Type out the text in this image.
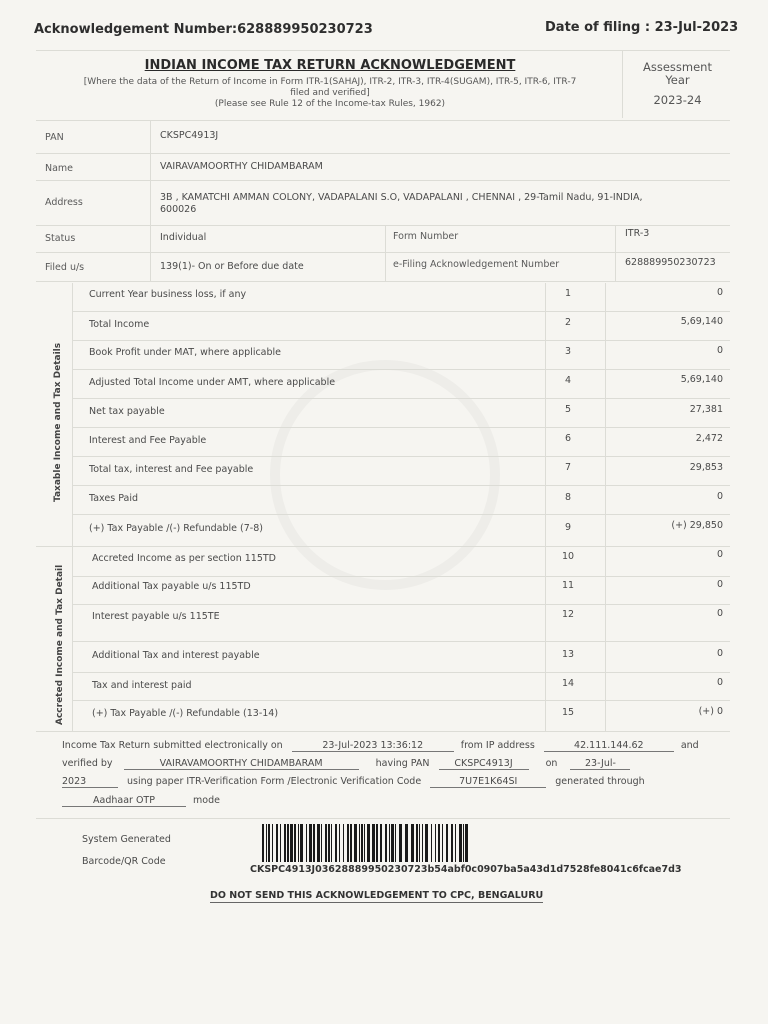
Acknowledgement Number:628889950230723	Date of filing : 23-Jul-2023
INDIAN INCOME TAX RETURN ACKNOWLEDGEMENT
[Where the data of the Return of Income in Form ITR-1(SAHAJ), ITR-2, ITR-3, ITR-4(SUGAM), ITR-5, ITR-6, ITR-7
filed and verified]
(Please see Rule 12 of the Income-tax Rules, 1962)
Assessment
Year
2023-24
PAN	CKSPC4913J
Name	VAIRAVAMOORTHY CHIDAMBARAM
Address	3B , KAMATCHI AMMAN COLONY, VADAPALANI S.O, VADAPALANI , CHENNAI , 29-Tamil Nadu, 91-INDIA,
600026
Status	Individual	Form Number	ITR-3
Filed u/s	139(1)- On or Before due date	e-Filing Acknowledgement Number	628889950230723
Taxable Income and Tax Details
Accreted Income and Tax Detail
Current Year business loss, if any	1	0
Total Income	2	5,69,140
Book Profit under MAT, where applicable	3	0
Adjusted Total Income under AMT, where applicable	4	5,69,140
Net tax payable	5	27,381
Interest and Fee Payable	6	2,472
Total tax, interest and Fee payable	7	29,853
Taxes Paid	8	0
(+) Tax Payable /(-) Refundable (7-8)	9	(+) 29,850
Accreted Income as per section 115TD	10	0
Additional Tax payable u/s 115TD	11	0
Interest payable u/s 115TE	12	0
Additional Tax and interest payable	13	0
Tax and interest paid	14	0
(+) Tax Payable /(-) Refundable (13-14)	15	(+) 0
Income Tax Return submitted electronically on	23-Jul-2023 13:36:12	from IP address	42.111.144.62	and
verified by	VAIRAVAMOORTHY CHIDAMBARAM	having PAN	CKSPC4913J	on	23-Jul-
2023	using paper ITR-Verification Form /Electronic Verification Code	7U7E1K64SI	generated through
Aadhaar OTP	mode
System Generated
Barcode/QR Code
CKSPC4913J03628889950230723b54abf0c0907ba5a43d1d7528fe8041c6fcae7d3
DO NOT SEND THIS ACKNOWLEDGEMENT TO CPC, BENGALURU
